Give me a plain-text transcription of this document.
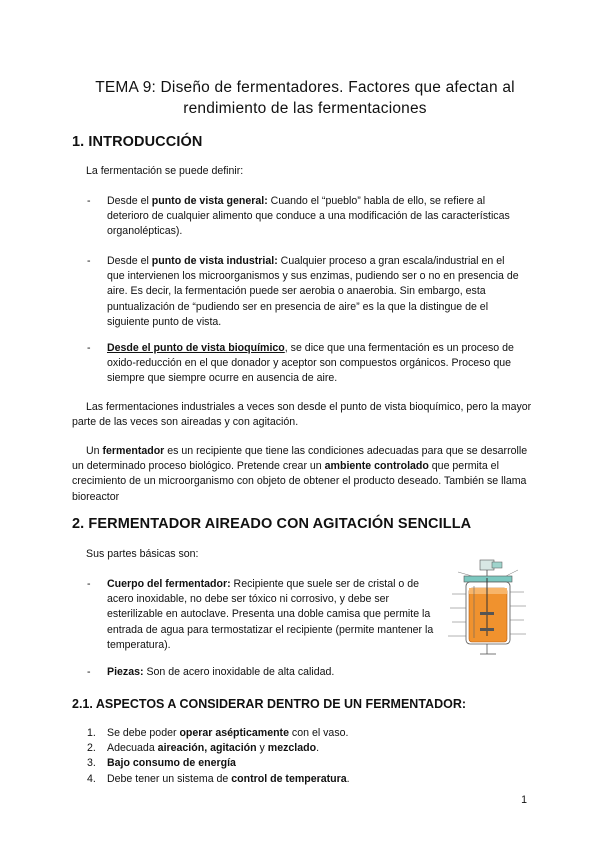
TEMA 9: Diseño de fermentadores. Factores que afectan al
rendimiento de las fermentaciones
1. INTRODUCCIÓN
La fermentación se puede definir:
- Desde el punto de vista general: Cuando el “pueblo” habla de ello, se refiere al deterioro de cualquier alimento que conduce a una modificación de las características organolépticas).
- Desde el punto de vista industrial: Cualquier proceso a gran escala/industrial en el que intervienen los microorganismos y sus enzimas, pudiendo ser o no en presencia de aire. Es decir, la fermentación puede ser aerobia o anaerobia. Sin embargo, esta puntualización de “pudiendo ser en presencia de aire” es la que la distingue de el siguiente punto de vista.
- Desde el punto de vista bioquímico, se dice que una fermentación es un proceso de oxido-reducción en el que donador y aceptor son compuestos orgánicos. Proceso que siempre que siempre ocurre en ausencia de aire.
Las fermentaciones industriales a veces son desde el punto de vista bioquímico, pero la mayor parte de las veces son aireadas y con agitación.
Un fermentador es un recipiente que tiene las condiciones adecuadas para que se desarrolle un determinado proceso biológico. Pretende crear un ambiente controlado que permita el crecimiento de un microorganismo con objeto de obtener el producto deseado. También se llama bioreactor
2. FERMENTADOR AIREADO CON AGITACIÓN SENCILLA
Sus partes básicas son:
- Cuerpo del fermentador: Recipiente que suele ser de cristal o de acero inoxidable, no debe ser tóxico ni corrosivo, y debe ser esterilizable en autoclave. Presenta una doble camisa que permite la entrada de agua para termostatizar el recipiente (permite mantener la temperatura).
- Piezas: Son de acero inoxidable de alta calidad.
2.1. ASPECTOS A CONSIDERAR DENTRO DE UN FERMENTADOR:
1. Se debe poder operar asépticamente con el vaso.
2. Adecuada aireación, agitación y mezclado.
3. Bajo consumo de energía
4. Debe tener un sistema de control de temperatura.
1
